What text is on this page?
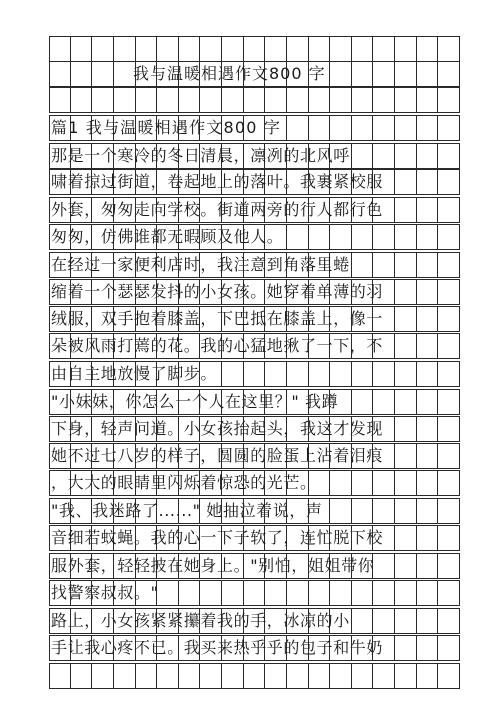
我与温暖相遇作文800 字
篇1 我与温暖相遇作文800 字
那是一个寒冷的冬日清晨，凛冽的北风呼
啸着掠过街道，卷起地上的落叶。我裹紧校服
外套，匆匆走向学校。街道两旁的行人都行色
匆匆，仿佛谁都无暇顾及他人。
在经过一家便利店时，我注意到角落里蜷
缩着一个瑟瑟发抖的小女孩。她穿着单薄的羽
绒服，双手抱着膝盖，下巴抵在膝盖上，像一
朵被风雨打蔫的花。我的心猛地揪了一下，不
由自主地放慢了脚步。
"小妹妹，你怎么一个人在这里？" 我蹲
下身，轻声问道。小女孩抬起头，我这才发现
她不过七八岁的样子，圆圆的脸蛋上沾着泪痕
，大大的眼睛里闪烁着惊恐的光芒。
"我、我迷路了......" 她抽泣着说，声
音细若蚊蝇。我的心一下子软了，连忙脱下校
服外套，轻轻披在她身上。"别怕，姐姐带你
找警察叔叔。"
路上，小女孩紧紧攥着我的手，冰凉的小
手让我心疼不已。我买来热乎乎的包子和牛奶
